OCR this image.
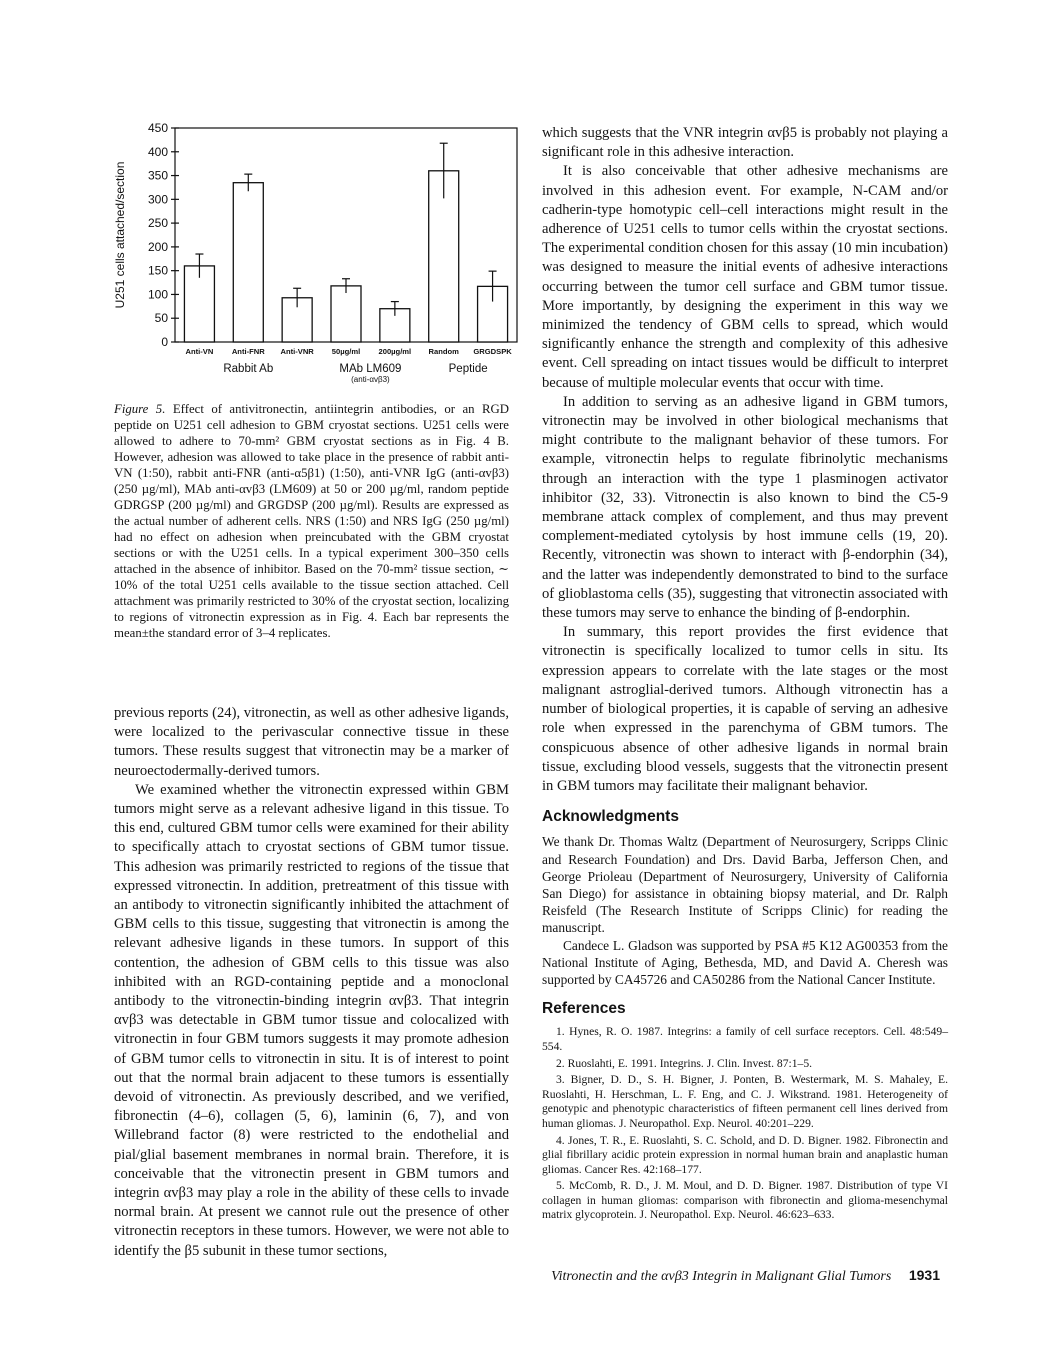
0
50
100
150
200
250
300
350
400
450
U251 cells attached/section
Anti-VN Anti-FNR Anti-VNR 50µg/ml 200µg/ml Random GRGDSPK
Rabbit Ab	MAb LM609
(anti-αvβ3)
Peptide
Figure 5. Effect of antivitronectin, antiintegrin antibodies, or an RGD peptide on U251 cell adhesion to GBM cryostat sections. U251 cells were allowed to adhere to 70-mm² GBM cryostat sections as in Fig. 4 B. However, adhesion was allowed to take place in the presence of rabbit anti-VN (1:50), rabbit anti-FNR (anti-α5β1) (1:50), anti-VNR IgG (anti-αvβ3) (250 µg/ml), MAb anti-αvβ3 (LM609) at 50 or 200 µg/ml, random peptide GDRGSP (200 µg/ml) and GRGDSP (200 µg/ml). Results are expressed as the actual number of adherent cells. NRS (1:50) and NRS IgG (250 µg/ml) had no effect on adhesion when preincubated with the GBM cryostat sections or with the U251 cells. In a typical experiment 300–350 cells attached in the absence of inhibitor. Based on the 70-mm² tissue section, ∼ 10% of the total U251 cells available to the tissue section attached. Cell attachment was primarily restricted to 30% of the cryostat section, localizing to regions of vitronectin expression as in Fig. 4. Each bar represents the mean±the standard error of 3–4 replicates.

previous reports (24), vitronectin, as well as other adhesive ligands, were localized to the perivascular connective tissue in these tumors. These results suggest that vitronectin may be a marker of neuroectodermally-derived tumors.

We examined whether the vitronectin expressed within GBM tumors might serve as a relevant adhesive ligand in this tissue. To this end, cultured GBM tumor cells were examined for their ability to specifically attach to cryostat sections of GBM tumor tissue. This adhesion was primarily restricted to regions of the tissue that expressed vitronectin. In addition, pretreatment of this tissue with an antibody to vitronectin significantly inhibited the attachment of GBM cells to this tissue, suggesting that vitronectin is among the relevant adhesive ligands in these tumors. In support of this contention, the adhesion of GBM cells to this tissue was also inhibited with an RGD-containing peptide and a monoclonal antibody to the vitronectin-binding integrin αvβ3. That integrin αvβ3 was detectable in GBM tumor tissue and colocalized with vitronectin in four GBM tumors suggests it may promote adhesion of GBM tumor cells to vitronectin in situ. It is of interest to point out that the normal brain adjacent to these tumors is essentially devoid of vitronectin. As previously described, and we verified, fibronectin (4–6), collagen (5, 6), laminin (6, 7), and von Willebrand factor (8) were restricted to the endothelial and pial/glial basement membranes in normal brain. Therefore, it is conceivable that the vitronectin present in GBM tumors and integrin αvβ3 may play a role in the ability of these cells to invade normal brain. At present we cannot rule out the presence of other vitronectin receptors in these tumors. However, we were not able to identify the β5 subunit in these tumor sections,

which suggests that the VNR integrin αvβ5 is probably not playing a significant role in this adhesive interaction.

It is also conceivable that other adhesive mechanisms are involved in this adhesion event. For example, N-CAM and/or cadherin-type homotypic cell–cell interactions might result in the adherence of U251 cells to tumor cells within the cryostat sections. The experimental condition chosen for this assay (10 min incubation) was designed to measure the initial events of adhesive interactions occurring between the tumor cell surface and GBM tumor tissue. More importantly, by designing the experiment in this way we minimized the tendency of GBM cells to spread, which would significantly enhance the strength and complexity of this adhesive event. Cell spreading on intact tissues would be difficult to interpret because of multiple molecular events that occur with time.

In addition to serving as an adhesive ligand in GBM tumors, vitronectin may be involved in other biological mechanisms that might contribute to the malignant behavior of these tumors. For example, vitronectin helps to regulate fibrinolytic mechanisms through an interaction with the type 1 plasminogen activator inhibitor (32, 33). Vitronectin is also known to bind the C5-9 membrane attack complex of complement, and thus may prevent complement-mediated cytolysis by host immune cells (19, 20). Recently, vitronectin was shown to interact with β-endorphin (34), and the latter was independently demonstrated to bind to the surface of glioblastoma cells (35), suggesting that vitronectin associated with these tumors may serve to enhance the binding of β-endorphin.

In summary, this report provides the first evidence that vitronectin is specifically localized to tumor cells in situ. Its expression appears to correlate with the late stages or the most malignant astroglial-derived tumors. Although vitronectin has a number of biological properties, it is capable of serving an adhesive role when expressed in the parenchyma of GBM tumors. The conspicuous absence of other adhesive ligands in normal brain tissue, excluding blood vessels, suggests that the vitronectin present in GBM tumors may facilitate their malignant behavior.

Acknowledgments

We thank Dr. Thomas Waltz (Department of Neurosurgery, Scripps Clinic and Research Foundation) and Drs. David Barba, Jefferson Chen, and George Prioleau (Department of Neurosurgery, University of California San Diego) for assistance in obtaining biopsy material, and Dr. Ralph Reisfeld (The Research Institute of Scripps Clinic) for reading the manuscript.

Candece L. Gladson was supported by PSA #5 K12 AG00353 from the National Institute of Aging, Bethesda, MD, and David A. Cheresh was supported by CA45726 and CA50286 from the National Cancer Institute.

References

1. Hynes, R. O. 1987. Integrins: a family of cell surface receptors. Cell. 48:549–554.

2. Ruoslahti, E. 1991. Integrins. J. Clin. Invest. 87:1–5.

3. Bigner, D. D., S. H. Bigner, J. Ponten, B. Westermark, M. S. Mahaley, E. Ruoslahti, H. Herschman, L. F. Eng, and C. J. Wikstrand. 1981. Heterogeneity of genotypic and phenotypic characteristics of fifteen permanent cell lines derived from human gliomas. J. Neuropathol. Exp. Neurol. 40:201–229.

4. Jones, T. R., E. Ruoslahti, S. C. Schold, and D. D. Bigner. 1982. Fibronectin and glial fibrillary acidic protein expression in normal human brain and anaplastic human gliomas. Cancer Res. 42:168–177.

5. McComb, R. D., J. M. Moul, and D. D. Bigner. 1987. Distribution of type VI collagen in human gliomas: comparison with fibronectin and glioma-mesenchymal matrix glycoprotein. J. Neuropathol. Exp. Neurol. 46:623–633.

Vitronectin and the αvβ3 Integrin in Malignant Glial Tumors 1931
